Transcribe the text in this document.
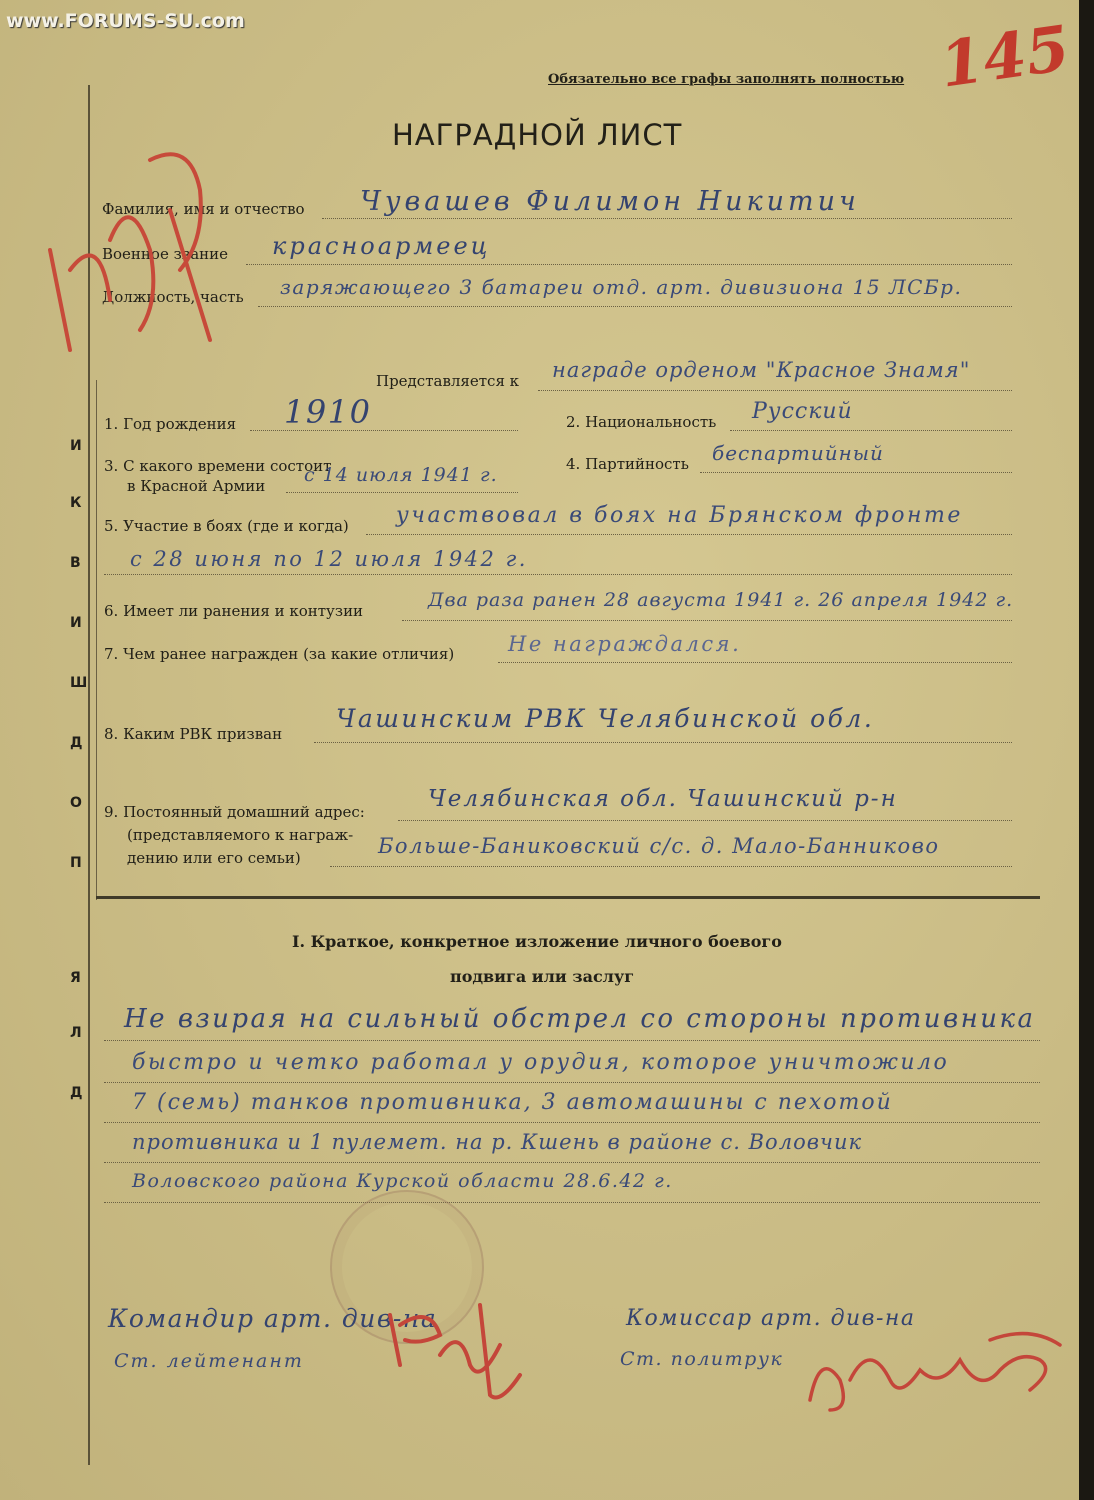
www.FORUMS-SU.com	145
Обязательно все графы заполнять полностью
НАГРАДНОЙ ЛИСТ
Д
Л
Я
П
О
Д
Ш
И
В
К
И
Фамилия, имя и отчество Чувашев Филимон Никитич
Военное звание красноармеец
Должность, часть заряжающего 3 батареи отд. арт. дивизиона 15 ЛСБр.
Представляется к награде орденом "Красное Знамя"
1. Год рождения 1910	2. Национальность Русский
3. С какого времени состоит
в Красной Армии с 14 июля 1941 г.	4. Партийность беспартийный
5. Участие в боях (где и когда) участвовал в боях на Брянском фронте
с 28 июня по 12 июля 1942 г.
6. Имеет ли ранения и контузии	Два раза ранен 28 августа 1941 г. 26 апреля 1942 г.
7. Чем ранее награжден (за какие отличия)	Не награждался.
8. Каким РВК призван
Чашинским РВК Челябинской обл.
9. Постоянный домашний адрес:
(представляемого к награж-
дению или его семьи)
Челябинская обл. Чашинский р-н
Больше-Баниковский с/с. д. Мало-Банниково
I. Краткое, конкретное изложение личного боевого
подвига или заслуг
Не взирая на сильный обстрел со стороны противника
быстро и четко работал у орудия, которое уничтожило
7 (семь) танков противника, 3 автомашины с пехотой
противника и 1 пулемет. на р. Кшень в районе с. Воловчик
Воловского района Курской области 28.6.42 г.
Командир арт. див-на
Ст. лейтенант
Комиссар арт. див-на
Ст. политрук
